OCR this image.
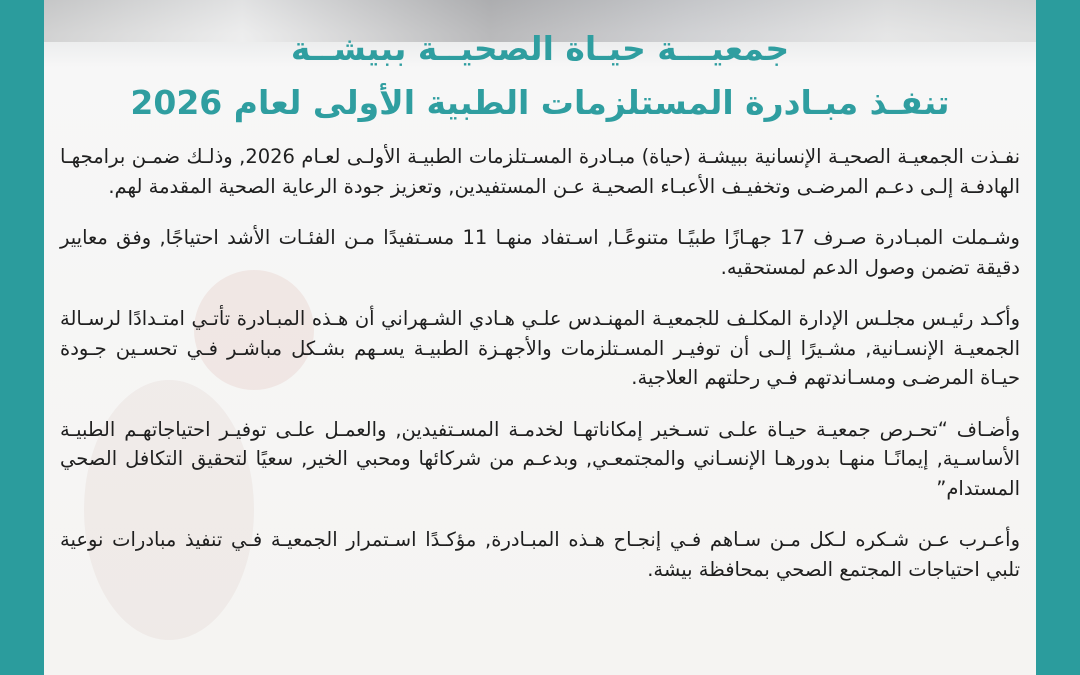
جمعيـــة حيـاة الصحيــة ببيشــة
تنفـذ مبـادرة المستلزمات الطبية الأولى لعام 2026

نفـذت الجمعيـة الصحيـة الإنسانية ببيشـة (حياة) مبـادرة المسـتلزمات الطبيـة الأولـى لعـام 2026, وذلـك ضمـن برامجهـا الهادفـة إلـى دعـم المرضـى وتخفيـف الأعبـاء الصحيـة عـن المستفيدين, وتعزيز جودة الرعاية الصحية المقدمة لهم.

وشـملت المبـادرة صـرف 17 جهـازًا طبيًـا متنوعًـا, اسـتفاد منهـا 11 مسـتفيدًا مـن الفئـات الأشد احتياجًا, وفق معايير دقيقة تضمن وصول الدعم لمستحقيه.

وأكـد رئيـس مجلـس الإدارة المكلـف للجمعيـة المهنـدس علـي هـادي الشـهراني أن هـذه المبـادرة تأتـي امتـدادًا لرسـالة الجمعيـة الإنسـانية, مشـيرًا إلـى أن توفيـر المسـتلزمات والأجهـزة الطبيـة يسـهم بشـكل مباشـر فـي تحسـين جـودة حيـاة المرضـى ومسـاندتهم فـي رحلتهم العلاجية.

وأضـاف “تحـرص جمعيـة حيـاة علـى تسـخير إمكاناتهـا لخدمـة المسـتفيدين, والعمـل علـى توفيـر احتياجاتهـم الطبيـة الأساسـية, إيمانًـا منهـا بدورهـا الإنسـاني والمجتمعـي, وبدعـم من شركائها ومحبي الخير, سعيًا لتحقيق التكافل الصحي المستدام”

وأعـرب عـن شـكره لـكل مـن سـاهم فـي إنجـاح هـذه المبـادرة, مؤكـدًا اسـتمرار الجمعيـة فـي تنفيذ مبادرات نوعية تلبي احتياجات المجتمع الصحي بمحافظة بيشة.
